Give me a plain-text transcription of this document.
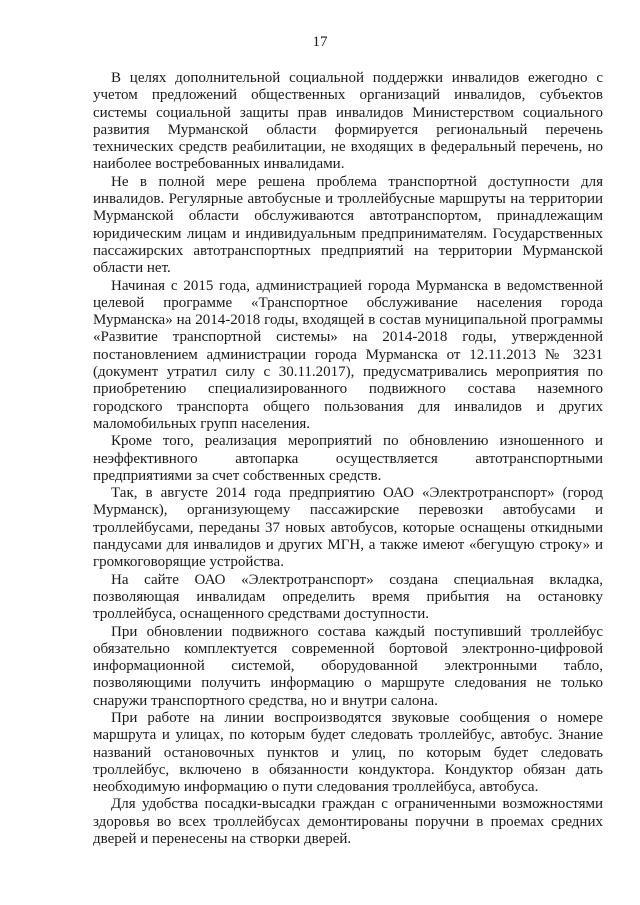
17

В целях дополнительной социальной поддержки инвалидов ежегодно с учетом предложений общественных организаций инвалидов, субъектов системы социальной защиты прав инвалидов Министерством социального развития Мурманской области формируется региональный перечень технических средств реабилитации, не входящих в федеральный перечень, но наиболее востребованных инвалидами.

Не в полной мере решена проблема транспортной доступности для инвалидов. Регулярные автобусные и троллейбусные маршруты на территории Мурманской области обслуживаются автотранспортом, принадлежащим юридическим лицам и индивидуальным предпринимателям. Государственных пассажирских автотранспортных предприятий на территории Мурманской области нет.

Начиная с 2015 года, администрацией города Мурманска в ведомственной целевой программе «Транспортное обслуживание населения города Мурманска» на 2014-2018 годы, входящей в состав муниципальной программы «Развитие транспортной системы» на 2014-2018 годы, утвержденной постановлением администрации города Мурманска от 12.11.2013 № 3231 (документ утратил силу с 30.11.2017), предусматривались мероприятия по приобретению специализированного подвижного состава наземного городского транспорта общего пользования для инвалидов и других маломобильных групп населения.

Кроме того, реализация мероприятий по обновлению изношенного и неэффективного автопарка осуществляется автотранспортными предприятиями за счет собственных средств.

Так, в августе 2014 года предприятию ОАО «Электротранспорт» (город Мурманск), организующему пассажирские перевозки автобусами и троллейбусами, переданы 37 новых автобусов, которые оснащены откидными пандусами для инвалидов и других МГН, а также имеют «бегущую строку» и громкоговорящие устройства.

На сайте ОАО «Электротранспорт» создана специальная вкладка, позволяющая инвалидам определить время прибытия на остановку троллейбуса, оснащенного средствами доступности.

При обновлении подвижного состава каждый поступивший троллейбус обязательно комплектуется современной бортовой электронно-цифровой информационной системой, оборудованной электронными табло, позволяющими получить информацию о маршруте следования не только снаружи транспортного средства, но и внутри салона.

При работе на линии воспроизводятся звуковые сообщения о номере маршрута и улицах, по которым будет следовать троллейбус, автобус. Знание названий остановочных пунктов и улиц, по которым будет следовать троллейбус, включено в обязанности кондуктора. Кондуктор обязан дать необходимую информацию о пути следования троллейбуса, автобуса.

Для удобства посадки-высадки граждан с ограниченными возможностями здоровья во всех троллейбусах демонтированы поручни в проемах средних дверей и перенесены на створки дверей.
